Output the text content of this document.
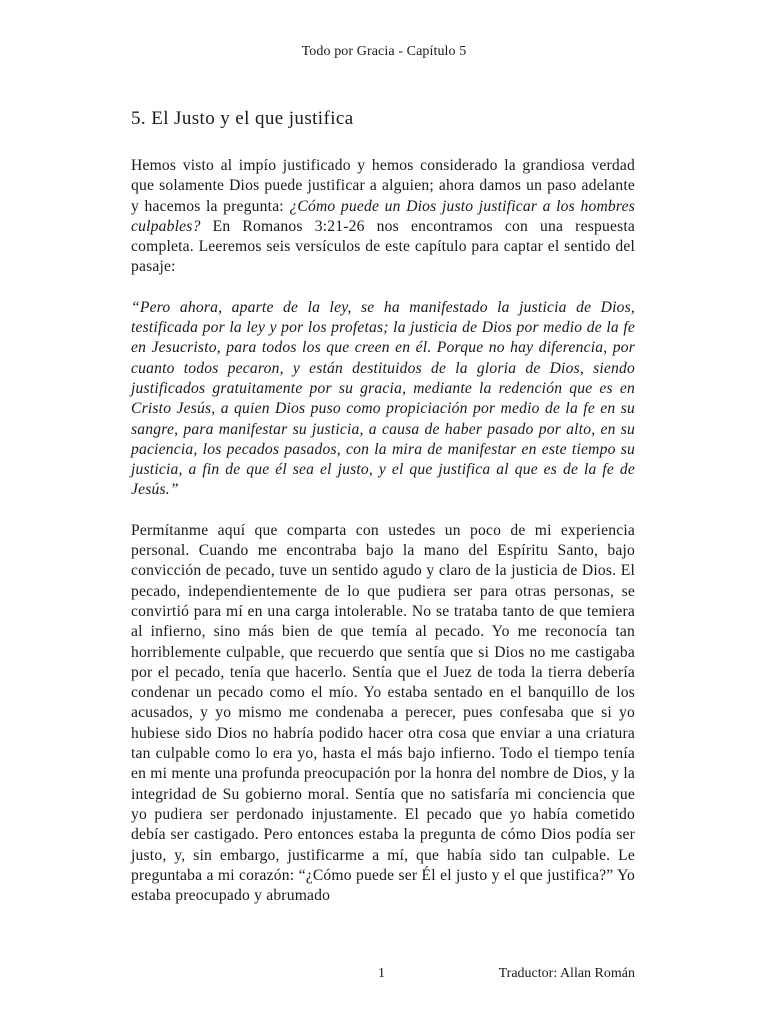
Todo por Gracia - Capítulo 5
5. El Justo y el que justifica

Hemos visto al impío justificado y hemos considerado la grandiosa verdad que solamente Dios puede justificar a alguien; ahora damos un paso adelante y hacemos la pregunta: ¿Cómo puede un Dios justo justificar a los hombres culpables? En Romanos 3:21-26 nos encontramos con una respuesta completa. Leeremos seis versículos de este capítulo para captar el sentido del pasaje:

“Pero ahora, aparte de la ley, se ha manifestado la justicia de Dios, testificada por la ley y por los profetas; la justicia de Dios por medio de la fe en Jesucristo, para todos los que creen en él. Porque no hay diferencia, por cuanto todos pecaron, y están destituidos de la gloria de Dios, siendo justificados gratuitamente por su gracia, mediante la redención que es en Cristo Jesús, a quien Dios puso como propiciación por medio de la fe en su sangre, para manifestar su justicia, a causa de haber pasado por alto, en su paciencia, los pecados pasados, con la mira de manifestar en este tiempo su justicia, a fin de que él sea el justo, y el que justifica al que es de la fe de Jesús.”

Permítanme aquí que comparta con ustedes un poco de mi experiencia personal. Cuando me encontraba bajo la mano del Espíritu Santo, bajo convicción de pecado, tuve un sentido agudo y claro de la justicia de Dios. El pecado, independientemente de lo que pudiera ser para otras personas, se convirtió para mí en una carga intolerable. No se trataba tanto de que temiera al infierno, sino más bien de que temía al pecado. Yo me reconocía tan horriblemente culpable, que recuerdo que sentía que si Dios no me castigaba por el pecado, tenía que hacerlo. Sentía que el Juez de toda la tierra debería condenar un pecado como el mío. Yo estaba sentado en el banquillo de los acusados, y yo mismo me condenaba a perecer, pues confesaba que si yo hubiese sido Dios no habría podido hacer otra cosa que enviar a una criatura tan culpable como lo era yo, hasta el más bajo infierno. Todo el tiempo tenía en mi mente una profunda preocupación por la honra del nombre de Dios, y la integridad de Su gobierno moral. Sentía que no satisfaría mi conciencia que yo pudiera ser perdonado injustamente. El pecado que yo había cometido debía ser castigado. Pero entonces estaba la pregunta de cómo Dios podía ser justo, y, sin embargo, justificarme a mí, que había sido tan culpable. Le preguntaba a mi corazón: “¿Cómo puede ser Él el justo y el que justifica?” Yo estaba preocupado y abrumado

1	Traductor: Allan Román
